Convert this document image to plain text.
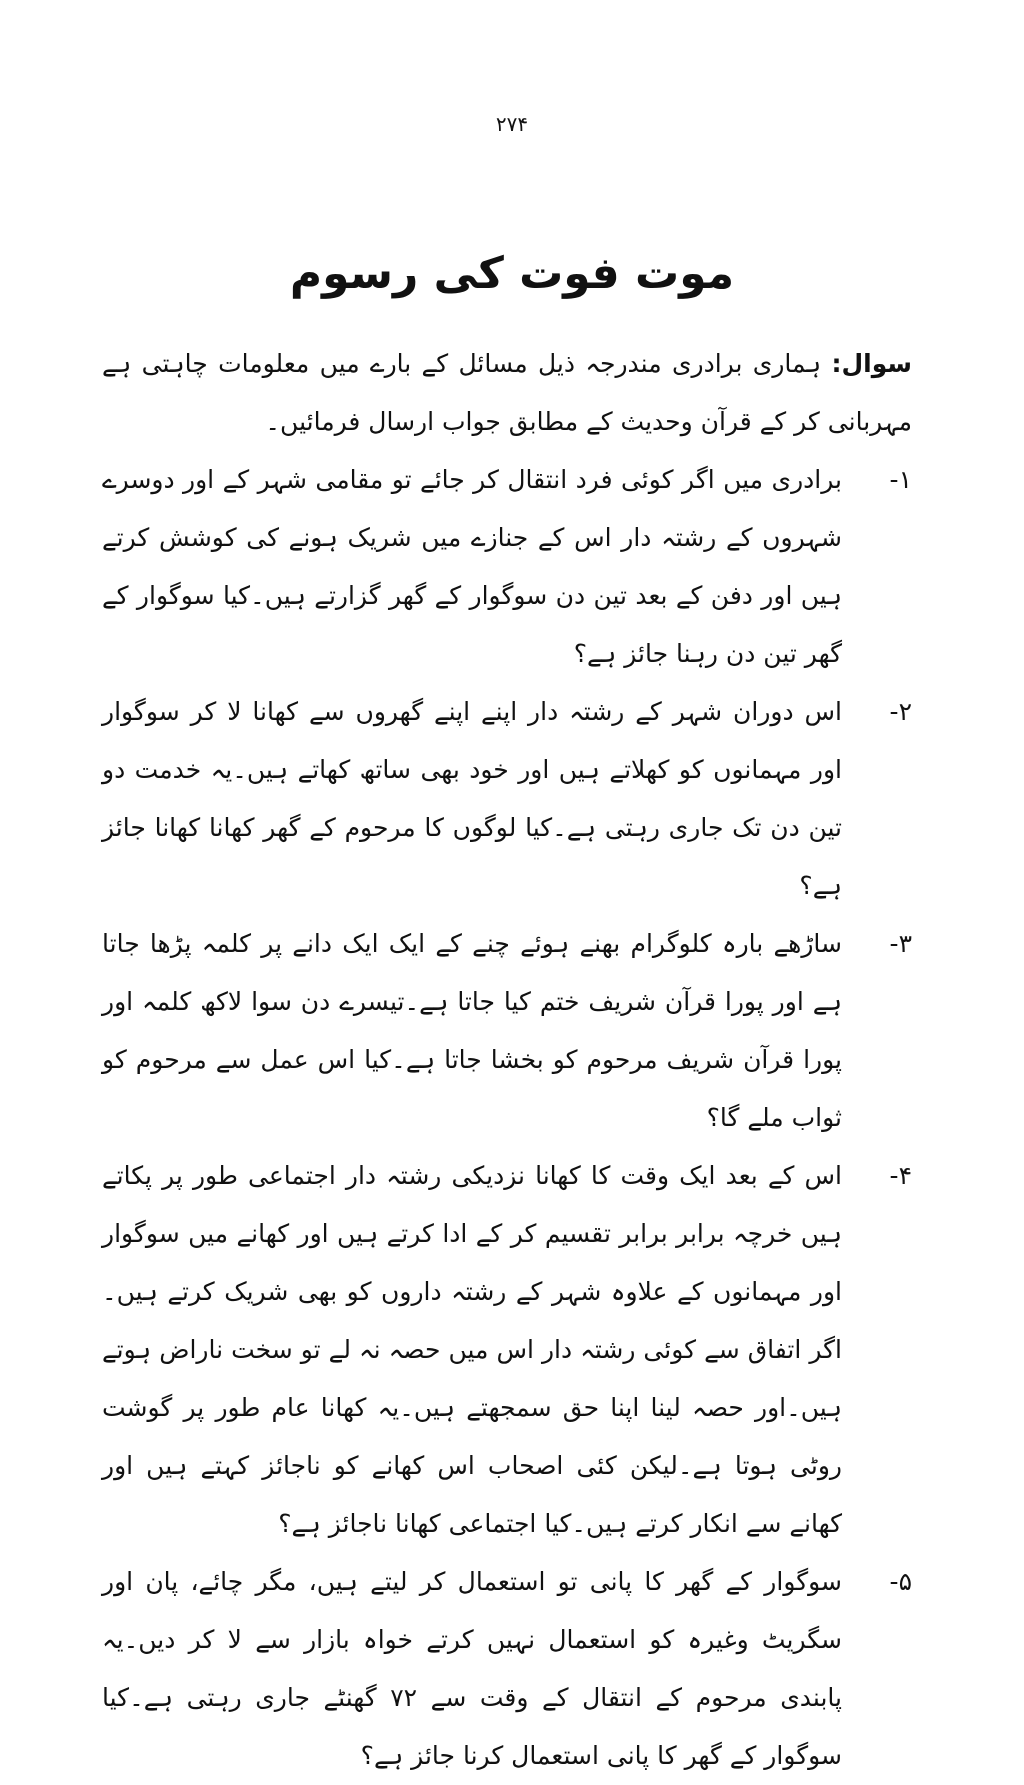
۲۷۴
موت فوت کی رسوم

سوال: ہماری برادری مندرجہ ذیل مسائل کے بارے میں معلومات چاہتی ہے مہربانی کر کے قرآن وحدیث کے مطابق جواب ارسال فرمائیں۔

۱-
برادری میں اگر کوئی فرد انتقال کر جائے تو مقامی شہر کے اور دوسرے شہروں کے رشتہ دار اس کے جنازے میں شریک ہونے کی کوشش کرتے ہیں اور دفن کے بعد تین دن سوگوار کے گھر گزارتے ہیں۔کیا سوگوار کے گھر تین دن رہنا جائز ہے؟
۲-
اس دوران شہر کے رشتہ دار اپنے اپنے گھروں سے کھانا لا کر سوگوار اور مہمانوں کو کھلاتے ہیں اور خود بھی ساتھ کھاتے ہیں۔یہ خدمت دو تین دن تک جاری رہتی ہے۔کیا لوگوں کا مرحوم کے گھر کھانا کھانا جائز ہے؟
۳-
ساڑھے بارہ کلوگرام بھنے ہوئے چنے کے ایک ایک دانے پر کلمہ پڑھا جاتا ہے اور پورا قرآن شریف ختم کیا جاتا ہے۔تیسرے دن سوا لاکھ کلمہ اور پورا قرآن شریف مرحوم کو بخشا جاتا ہے۔کیا اس عمل سے مرحوم کو ثواب ملے گا؟
۴-
اس کے بعد ایک وقت کا کھانا نزدیکی رشتہ دار اجتماعی طور پر پکاتے ہیں خرچہ برابر برابر تقسیم کر کے ادا کرتے ہیں اور کھانے میں سوگوار اور مہمانوں کے علاوہ شہر کے رشتہ داروں کو بھی شریک کرتے ہیں۔اگر اتفاق سے کوئی رشتہ دار اس میں حصہ نہ لے تو سخت ناراض ہوتے ہیں۔اور حصہ لینا اپنا حق سمجھتے ہیں۔یہ کھانا عام طور پر گوشت روٹی ہوتا ہے۔لیکن کئی اصحاب اس کھانے کو ناجائز کہتے ہیں اور کھانے سے انکار کرتے ہیں۔کیا اجتماعی کھانا ناجائز ہے؟
۵-
سوگوار کے گھر کا پانی تو استعمال کر لیتے ہیں، مگر چائے، پان اور سگریٹ وغیرہ کو استعمال نہیں کرتے خواہ بازار سے لا کر دیں۔یہ پابندی مرحوم کے انتقال کے وقت سے ۷۲ گھنٹے جاری رہتی ہے۔کیا سوگوار کے گھر کا پانی استعمال کرنا جائز ہے؟
